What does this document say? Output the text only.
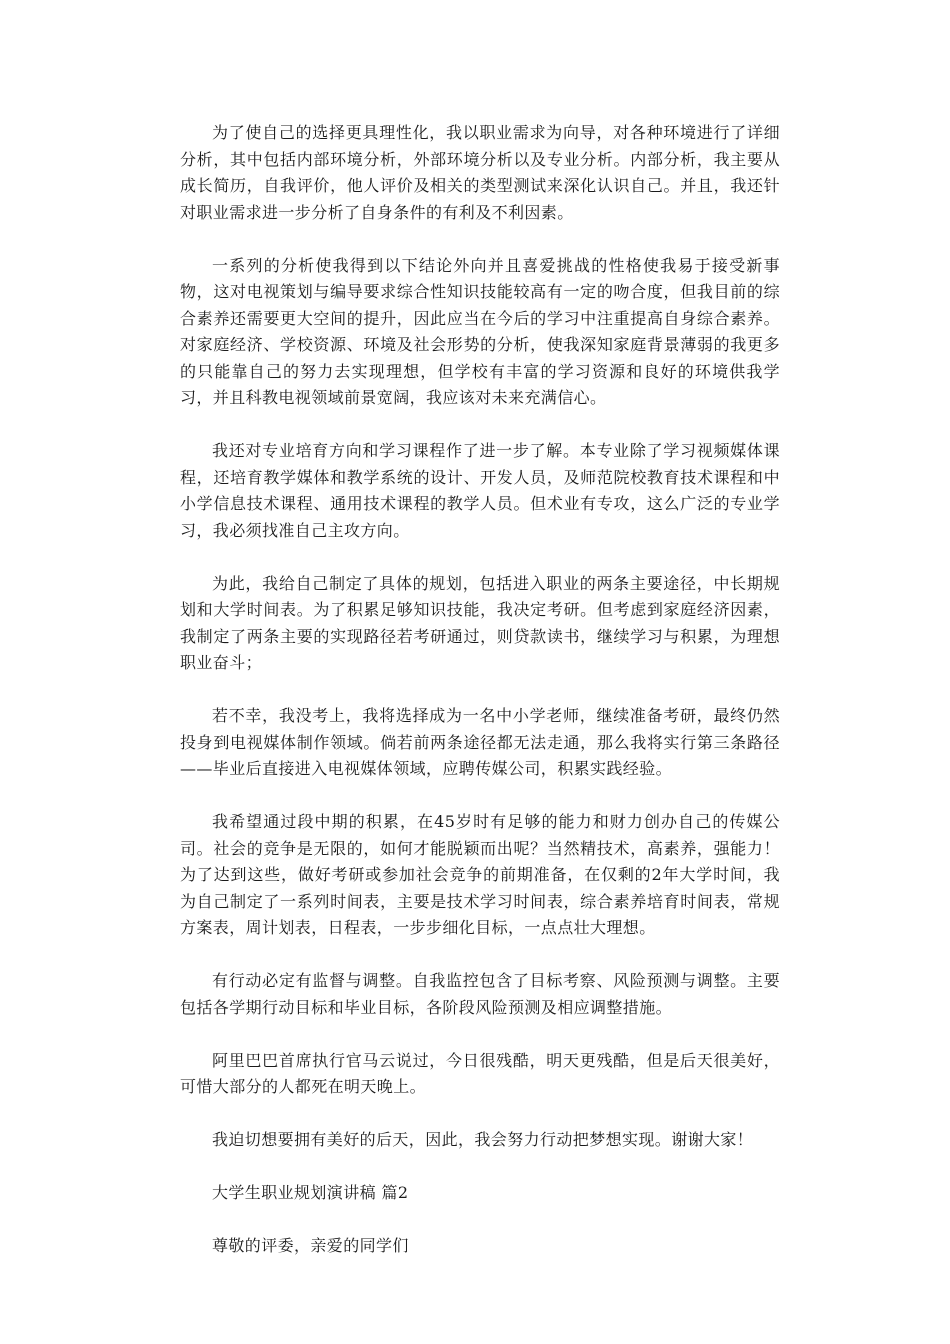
为了使自己的选择更具理性化，我以职业需求为向导，对各种环境进行了详细分析，其中包括内部环境分析，外部环境分析以及专业分析。内部分析，我主要从成长简历，自我评价，他人评价及相关的类型测试来深化认识自己。并且，我还针对职业需求进一步分析了自身条件的有利及不利因素。

一系列的分析使我得到以下结论外向并且喜爱挑战的性格使我易于接受新事物，这对电视策划与编导要求综合性知识技能较高有一定的吻合度，但我目前的综合素养还需要更大空间的提升，因此应当在今后的学习中注重提高自身综合素养。对家庭经济、学校资源、环境及社会形势的分析，使我深知家庭背景薄弱的我更多的只能靠自己的努力去实现理想，但学校有丰富的学习资源和良好的环境供我学习，并且科教电视领域前景宽阔，我应该对未来充满信心。

我还对专业培育方向和学习课程作了进一步了解。本专业除了学习视频媒体课程，还培育教学媒体和教学系统的设计、开发人员，及师范院校教育技术课程和中小学信息技术课程、通用技术课程的教学人员。但术业有专攻，这么广泛的专业学习，我必须找准自己主攻方向。

为此，我给自己制定了具体的规划，包括进入职业的两条主要途径，中长期规划和大学时间表。为了积累足够知识技能，我决定考研。但考虑到家庭经济因素，我制定了两条主要的实现路径若考研通过，则贷款读书，继续学习与积累，为理想职业奋斗；

若不幸，我没考上，我将选择成为一名中小学老师，继续准备考研，最终仍然投身到电视媒体制作领域。倘若前两条途径都无法走通，那么我将实行第三条路径——毕业后直接进入电视媒体领域，应聘传媒公司，积累实践经验。

我希望通过段中期的积累，在45岁时有足够的能力和财力创办自己的传媒公司。社会的竞争是无限的，如何才能脱颖而出呢？当然精技术，高素养，强能力！为了达到这些，做好考研或参加社会竞争的前期准备，在仅剩的2年大学时间，我为自己制定了一系列时间表，主要是技术学习时间表，综合素养培育时间表，常规方案表，周计划表，日程表，一步步细化目标，一点点壮大理想。

有行动必定有监督与调整。自我监控包含了目标考察、风险预测与调整。主要包括各学期行动目标和毕业目标，各阶段风险预测及相应调整措施。

阿里巴巴首席执行官马云说过，今日很残酷，明天更残酷，但是后天很美好，可惜大部分的人都死在明天晚上。

我迫切想要拥有美好的后天，因此，我会努力行动把梦想实现。谢谢大家！

大学生职业规划演讲稿 篇2

尊敬的评委，亲爱的同学们
